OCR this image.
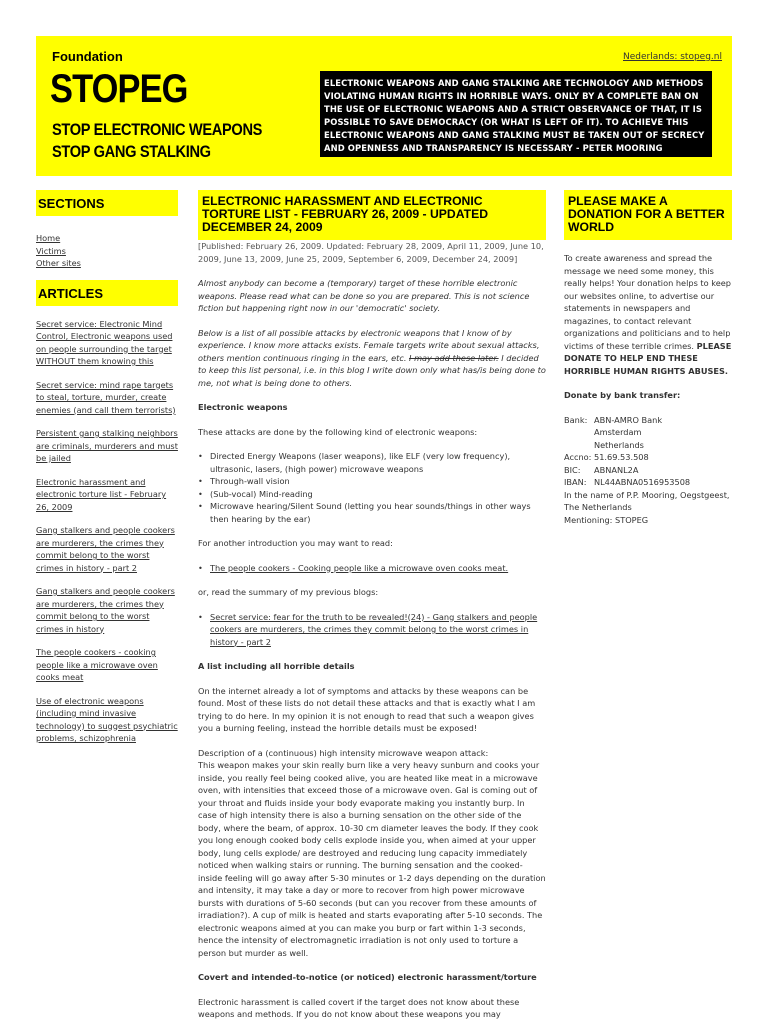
Foundation
STOPEG
STOP ELECTRONIC WEAPONS
STOP GANG STALKING
Nederlands: stopeg.nl
ELECTRONIC WEAPONS AND GANG STALKING ARE TECHNOLOGY AND METHODS VIOLATING HUMAN RIGHTS IN HORRIBLE WAYS. ONLY BY A COMPLETE BAN ON THE USE OF ELECTRONIC WEAPONS AND A STRICT OBSERVANCE OF THAT, IT IS POSSIBLE TO SAVE DEMOCRACY (OR WHAT IS LEFT OF IT). TO ACHIEVE THIS ELECTRONIC WEAPONS AND GANG STALKING MUST BE TAKEN OUT OF SECRECY AND OPENNESS AND TRANSPARENCY IS NECESSARY - PETER MOORING
SECTIONS
Home
Victims
Other sites
ARTICLES
Secret service: Electronic Mind Control, Electronic weapons used on people surrounding the target WITHOUT them knowing this
Secret service: mind rape targets to steal, torture, murder, create enemies (and call them terrorists)
Persistent gang stalking neighbors are criminals, murderers and must be jailed
Electronic harassment and electronic torture list - February 26, 2009
Gang stalkers and people cookers are murderers, the crimes they commit belong to the worst crimes in history - part 2
Gang stalkers and people cookers are murderers, the crimes they commit belong to the worst crimes in history
The people cookers - cooking people like a microwave oven cooks meat
Use of electronic weapons (including mind invasive technology) to suggest psychiatric problems, schizophrenia
ELECTRONIC HARASSMENT AND ELECTRONIC TORTURE LIST - FEBRUARY 26, 2009 - UPDATED DECEMBER 24, 2009

[Published: February 26, 2009. Updated: February 28, 2009, April 11, 2009, June 10, 2009, June 13, 2009, June 25, 2009, September 6, 2009, December 24, 2009]

Almost anybody can become a (temporary) target of these horrible electronic weapons. Please read what can be done so you are prepared. This is not science fiction but happening right now in our 'democratic' society.

Below is a list of all possible attacks by electronic weapons that I know of by experience. I know more attacks exists. Female targets write about sexual attacks, others mention continuous ringing in the ears, etc. I may add these later. I decided to keep this list personal, i.e. in this blog I write down only what has/is being done to me, not what is being done to others.

Electronic weapons

These attacks are done by the following kind of electronic weapons:

• Directed Energy Weapons (laser weapons), like ELF (very low frequency), ultrasonic, lasers, (high power) microwave weapons
• Through-wall vision
• (Sub-vocal) Mind-reading
• Microwave hearing/Silent Sound (letting you hear sounds/things in other ways then hearing by the ear)

For another introduction you may want to read:

• The people cookers - Cooking people like a microwave oven cooks meat.

or, read the summary of my previous blogs:

• Secret service: fear for the truth to be revealed!(24) - Gang stalkers and people cookers are murderers, the crimes they commit belong to the worst crimes in history - part 2

A list including all horrible details

On the internet already a lot of symptoms and attacks by these weapons can be found. Most of these lists do not detail these attacks and that is exactly what I am trying to do here. In my opinion it is not enough to read that such a weapon gives you a burning feeling, instead the horrible details must be exposed!

Description of a (continuous) high intensity microwave weapon attack:
This weapon makes your skin really burn like a very heavy sunburn and cooks your inside, you really feel being cooked alive, you are heated like meat in a microwave oven, with intensities that exceed those of a microwave oven. Gal is coming out of your throat and fluids inside your body evaporate making you instantly burp. In case of high intensity there is also a burning sensation on the other side of the body, where the beam, of approx. 10-30 cm diameter leaves the body. If they cook you long enough cooked body cells explode inside you, when aimed at your upper body, lung cells explode/ are destroyed and reducing lung capacity immediately noticed when walking stairs or running. The burning sensation and the cooked-inside feeling will go away after 5-30 minutes or 1-2 days depending on the duration and intensity, it may take a day or more to recover from high power microwave bursts with durations of 5-60 seconds (but can you recover from these amounts of irradiation?). A cup of milk is heated and starts evaporating after 5-10 seconds. The electronic weapons aimed at you can make you burp or fart within 1-3 seconds, hence the intensity of electromagnetic irradiation is not only used to torture a person but murder as well.

Covert and intended-to-notice (or noticed) electronic harassment/torture

Electronic harassment is called covert if the target does not know about these weapons and methods. If you do not know about these weapons you may

PLEASE MAKE A DONATION FOR A BETTER WORLD

To create awareness and spread the message we need some money, this really helps! Your donation helps to keep our websites online, to advertise our statements in newspapers and magazines, to contact relevant organizations and politicians and to help victims of these terrible crimes. PLEASE DONATE TO HELP END THESE HORRIBLE HUMAN RIGHTS ABUSES.

Donate by bank transfer:

Bank: ABN-AMRO Bank
Amsterdam
Netherlands
Accno: 51.69.53.508
BIC:	ABNANL2A
IBAN: NL44ABNA0516953508

In the name of P.P. Mooring, Oegstgeest, The Netherlands

Mentioning: STOPEG
